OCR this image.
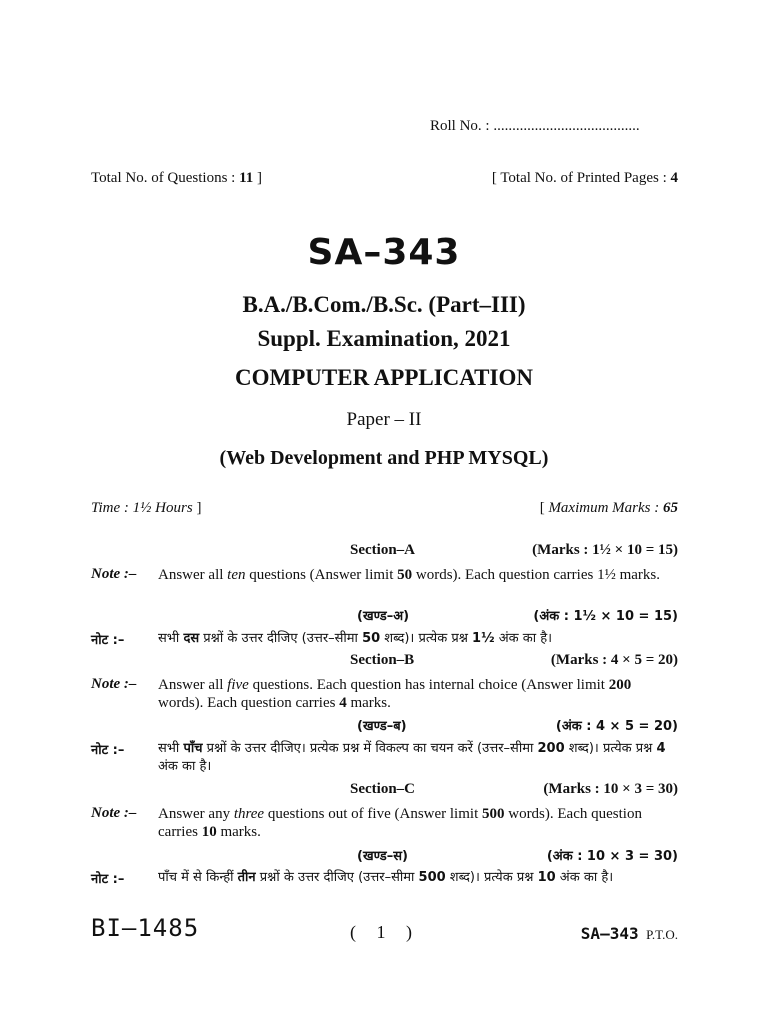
Roll No. : .......................................
Total No. of Questions : 11 ]	[ Total No. of Printed Pages : 4
SA–343
B.A./B.Com./B.Sc. (Part–III)
Suppl. Examination, 2021
COMPUTER APPLICATION
Paper – II
(Web Development and PHP MYSQL)
Time : 1½ Hours ]	[ Maximum Marks : 65
Section–A	(Marks : 1½ × 10 = 15)
Note :– Answer all ten questions (Answer limit 50 words). Each question carries 1½ marks.
(खण्ड–अ)	(अंक : 1½ × 10 = 15)
नोट :–	सभी दस प्रश्नों के उत्तर दीजिए (उत्तर–सीमा 50 शब्द)। प्रत्येक प्रश्न 1½ अंक का है।
Section–B	(Marks : 4 × 5 = 20)
Note :– Answer all five questions. Each question has internal choice (Answer limit 200 words). Each question carries 4 marks.
(खण्ड–ब)	(अंक : 4 × 5 = 20)
नोट :–	सभी पाँच प्रश्नों के उत्तर दीजिए। प्रत्येक प्रश्न में विकल्प का चयन करें (उत्तर–सीमा 200 शब्द)। प्रत्येक प्रश्न 4 अंक का है।
Section–C	(Marks : 10 × 3 = 30)
Note :– Answer any three questions out of five (Answer limit 500 words). Each question carries 10 marks.
(खण्ड–स)	(अंक : 10 × 3 = 30)
नोट :–	पाँच में से किन्हीं तीन प्रश्नों के उत्तर दीजिए (उत्तर–सीमा 500 शब्द)। प्रत्येक प्रश्न 10 अंक का है।
BI–1485	( 1 )	SA–343 P.T.O.
